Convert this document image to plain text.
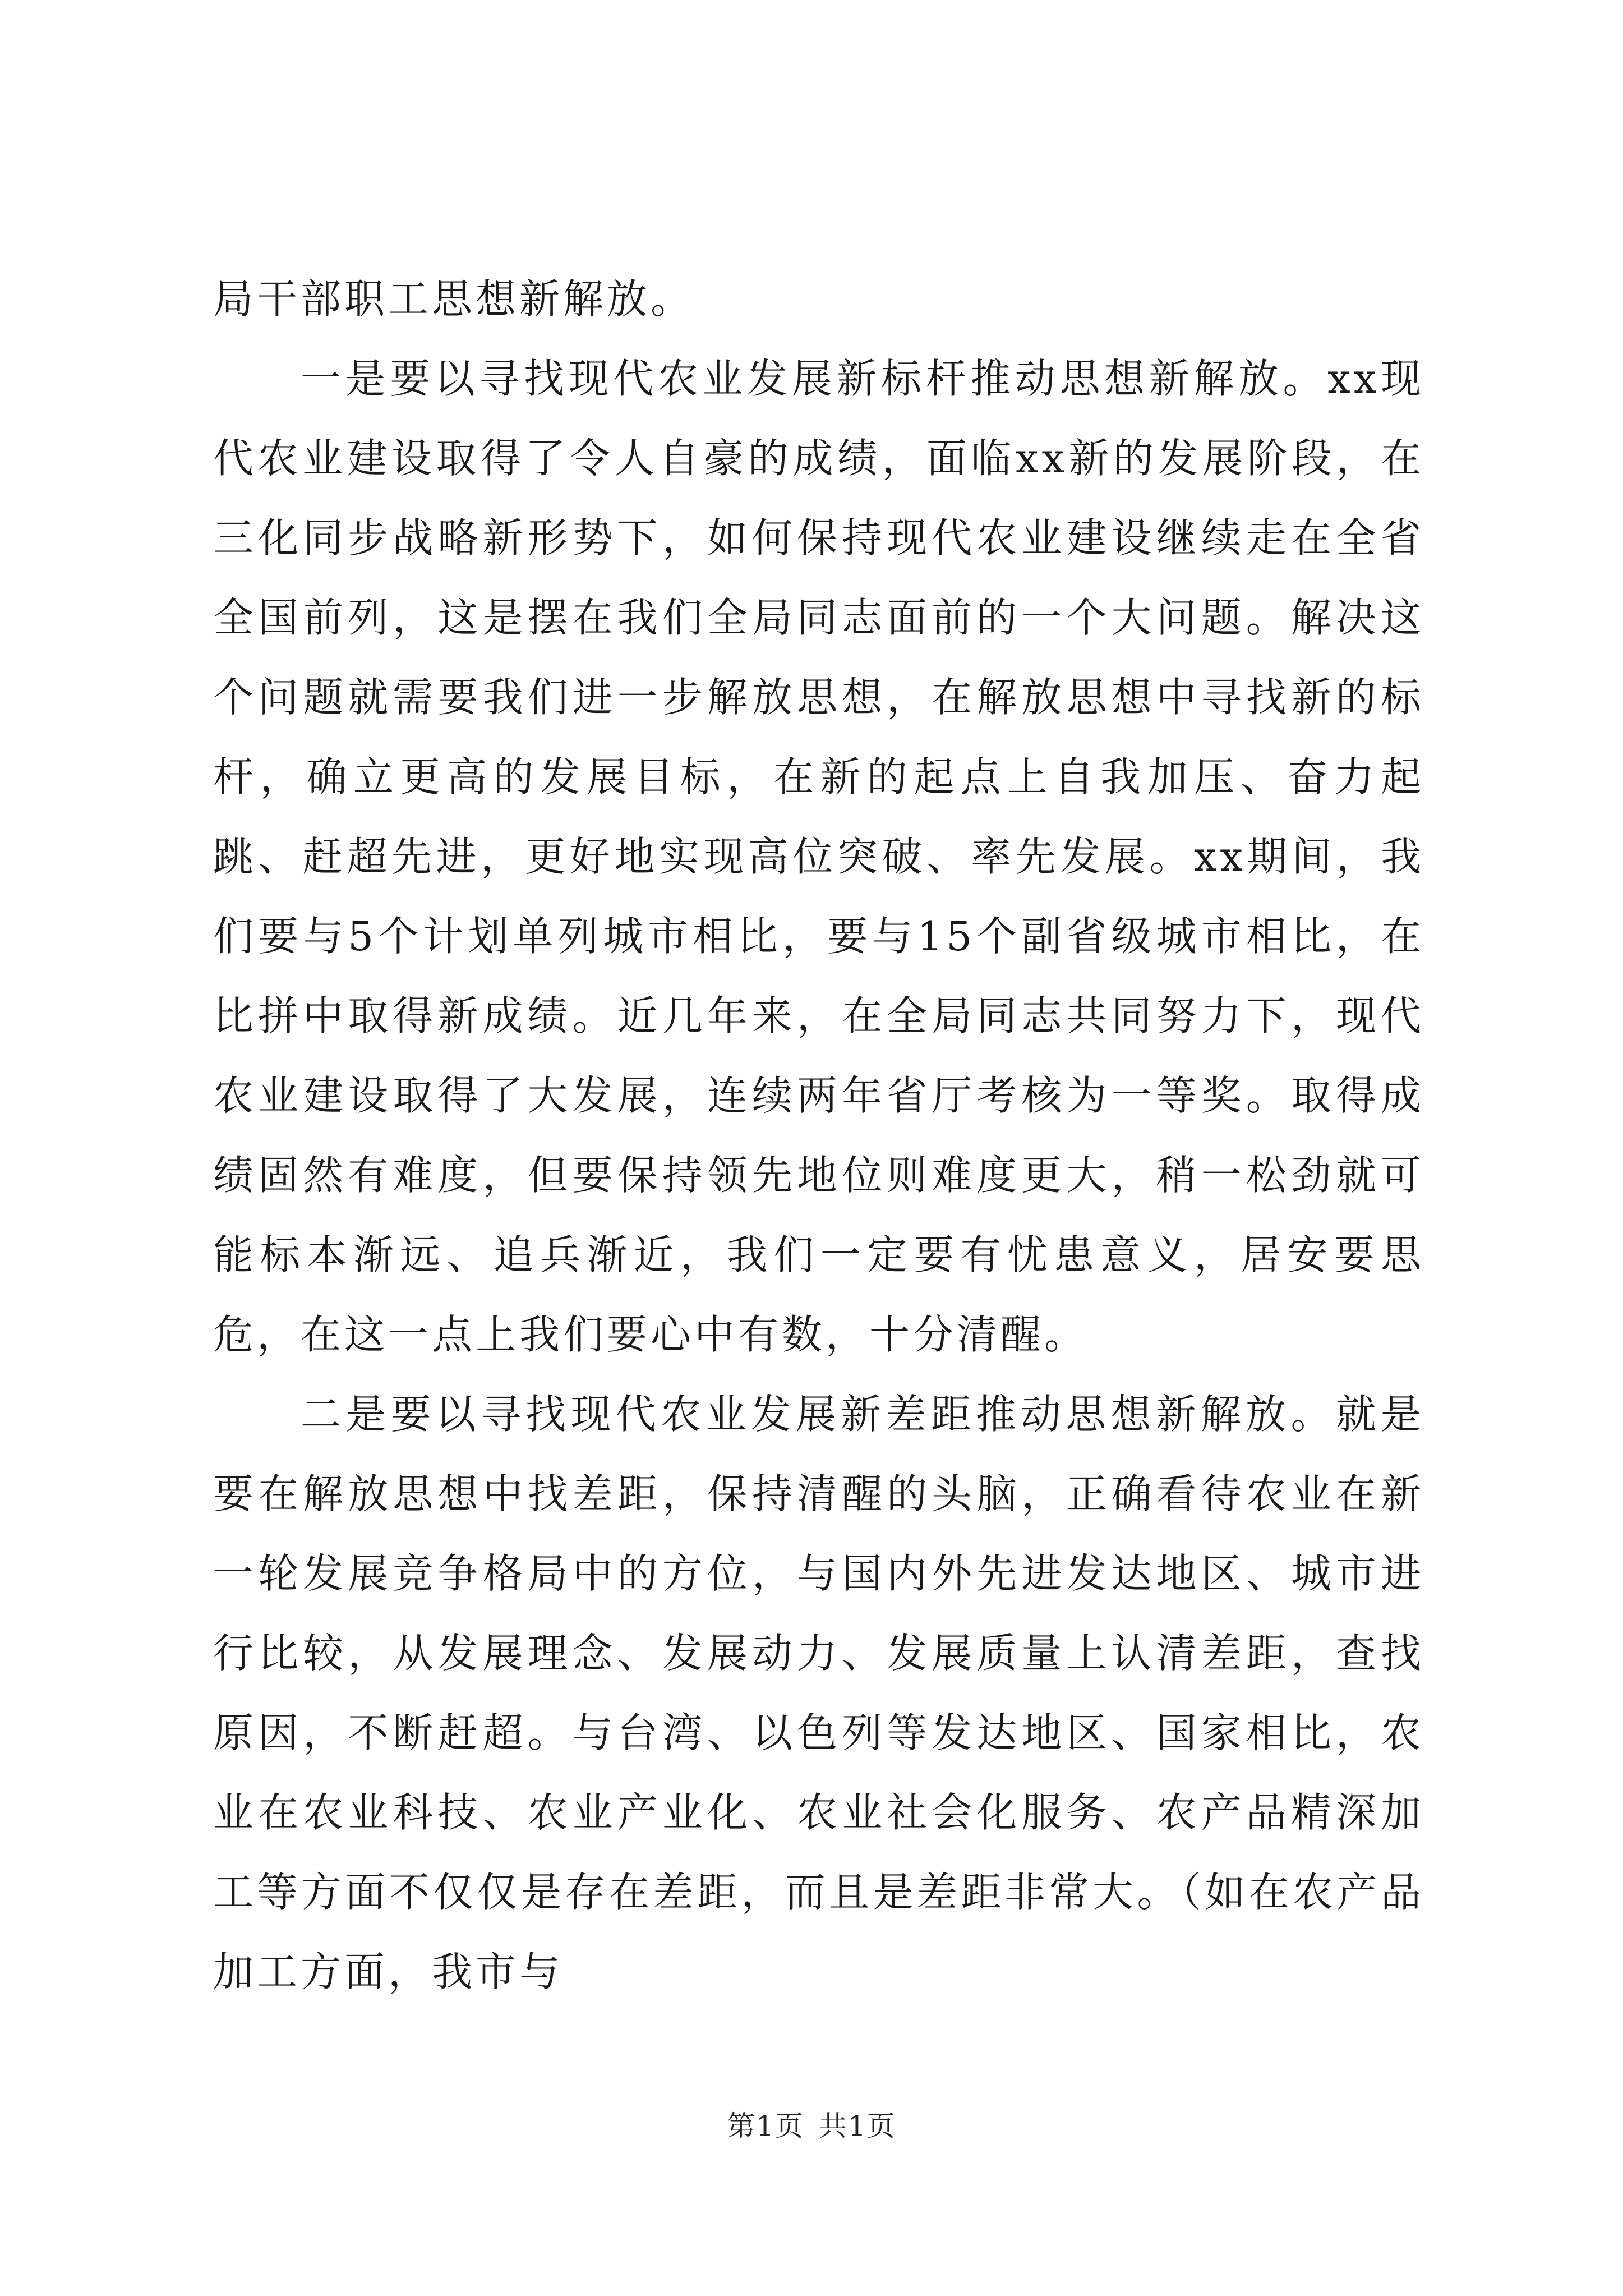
局干部职工思想新解放。

一是要以寻找现代农业发展新标杆推动思想新解放。xx现代农业建设取得了令人自豪的成绩，面临xx新的发展阶段，在三化同步战略新形势下，如何保持现代农业建设继续走在全省全国前列，这是摆在我们全局同志面前的一个大问题。解决这个问题就需要我们进一步解放思想，在解放思想中寻找新的标杆，确立更高的发展目标，在新的起点上自我加压、奋力起跳、赶超先进，更好地实现高位突破、率先发展。xx期间，我们要与5个计划单列城市相比，要与15个副省级城市相比，在比拼中取得新成绩。近几年来，在全局同志共同努力下，现代农业建设取得了大发展，连续两年省厅考核为一等奖。取得成绩固然有难度，但要保持领先地位则难度更大，稍一松劲就可能标本渐远、追兵渐近，我们一定要有忧患意义，居安要思危，在这一点上我们要心中有数，十分清醒。

二是要以寻找现代农业发展新差距推动思想新解放。就是要在解放思想中找差距，保持清醒的头脑，正确看待农业在新一轮发展竞争格局中的方位，与国内外先进发达地区、城市进行比较，从发展理念、发展动力、发展质量上认清差距，查找原因，不断赶超。与台湾、以色列等发达地区、国家相比，农业在农业科技、农业产业化、农业社会化服务、农产品精深加工等方面不仅仅是存在差距，而且是差距非常大。（如在农产品加工方面，我市与

第1页 共1页
